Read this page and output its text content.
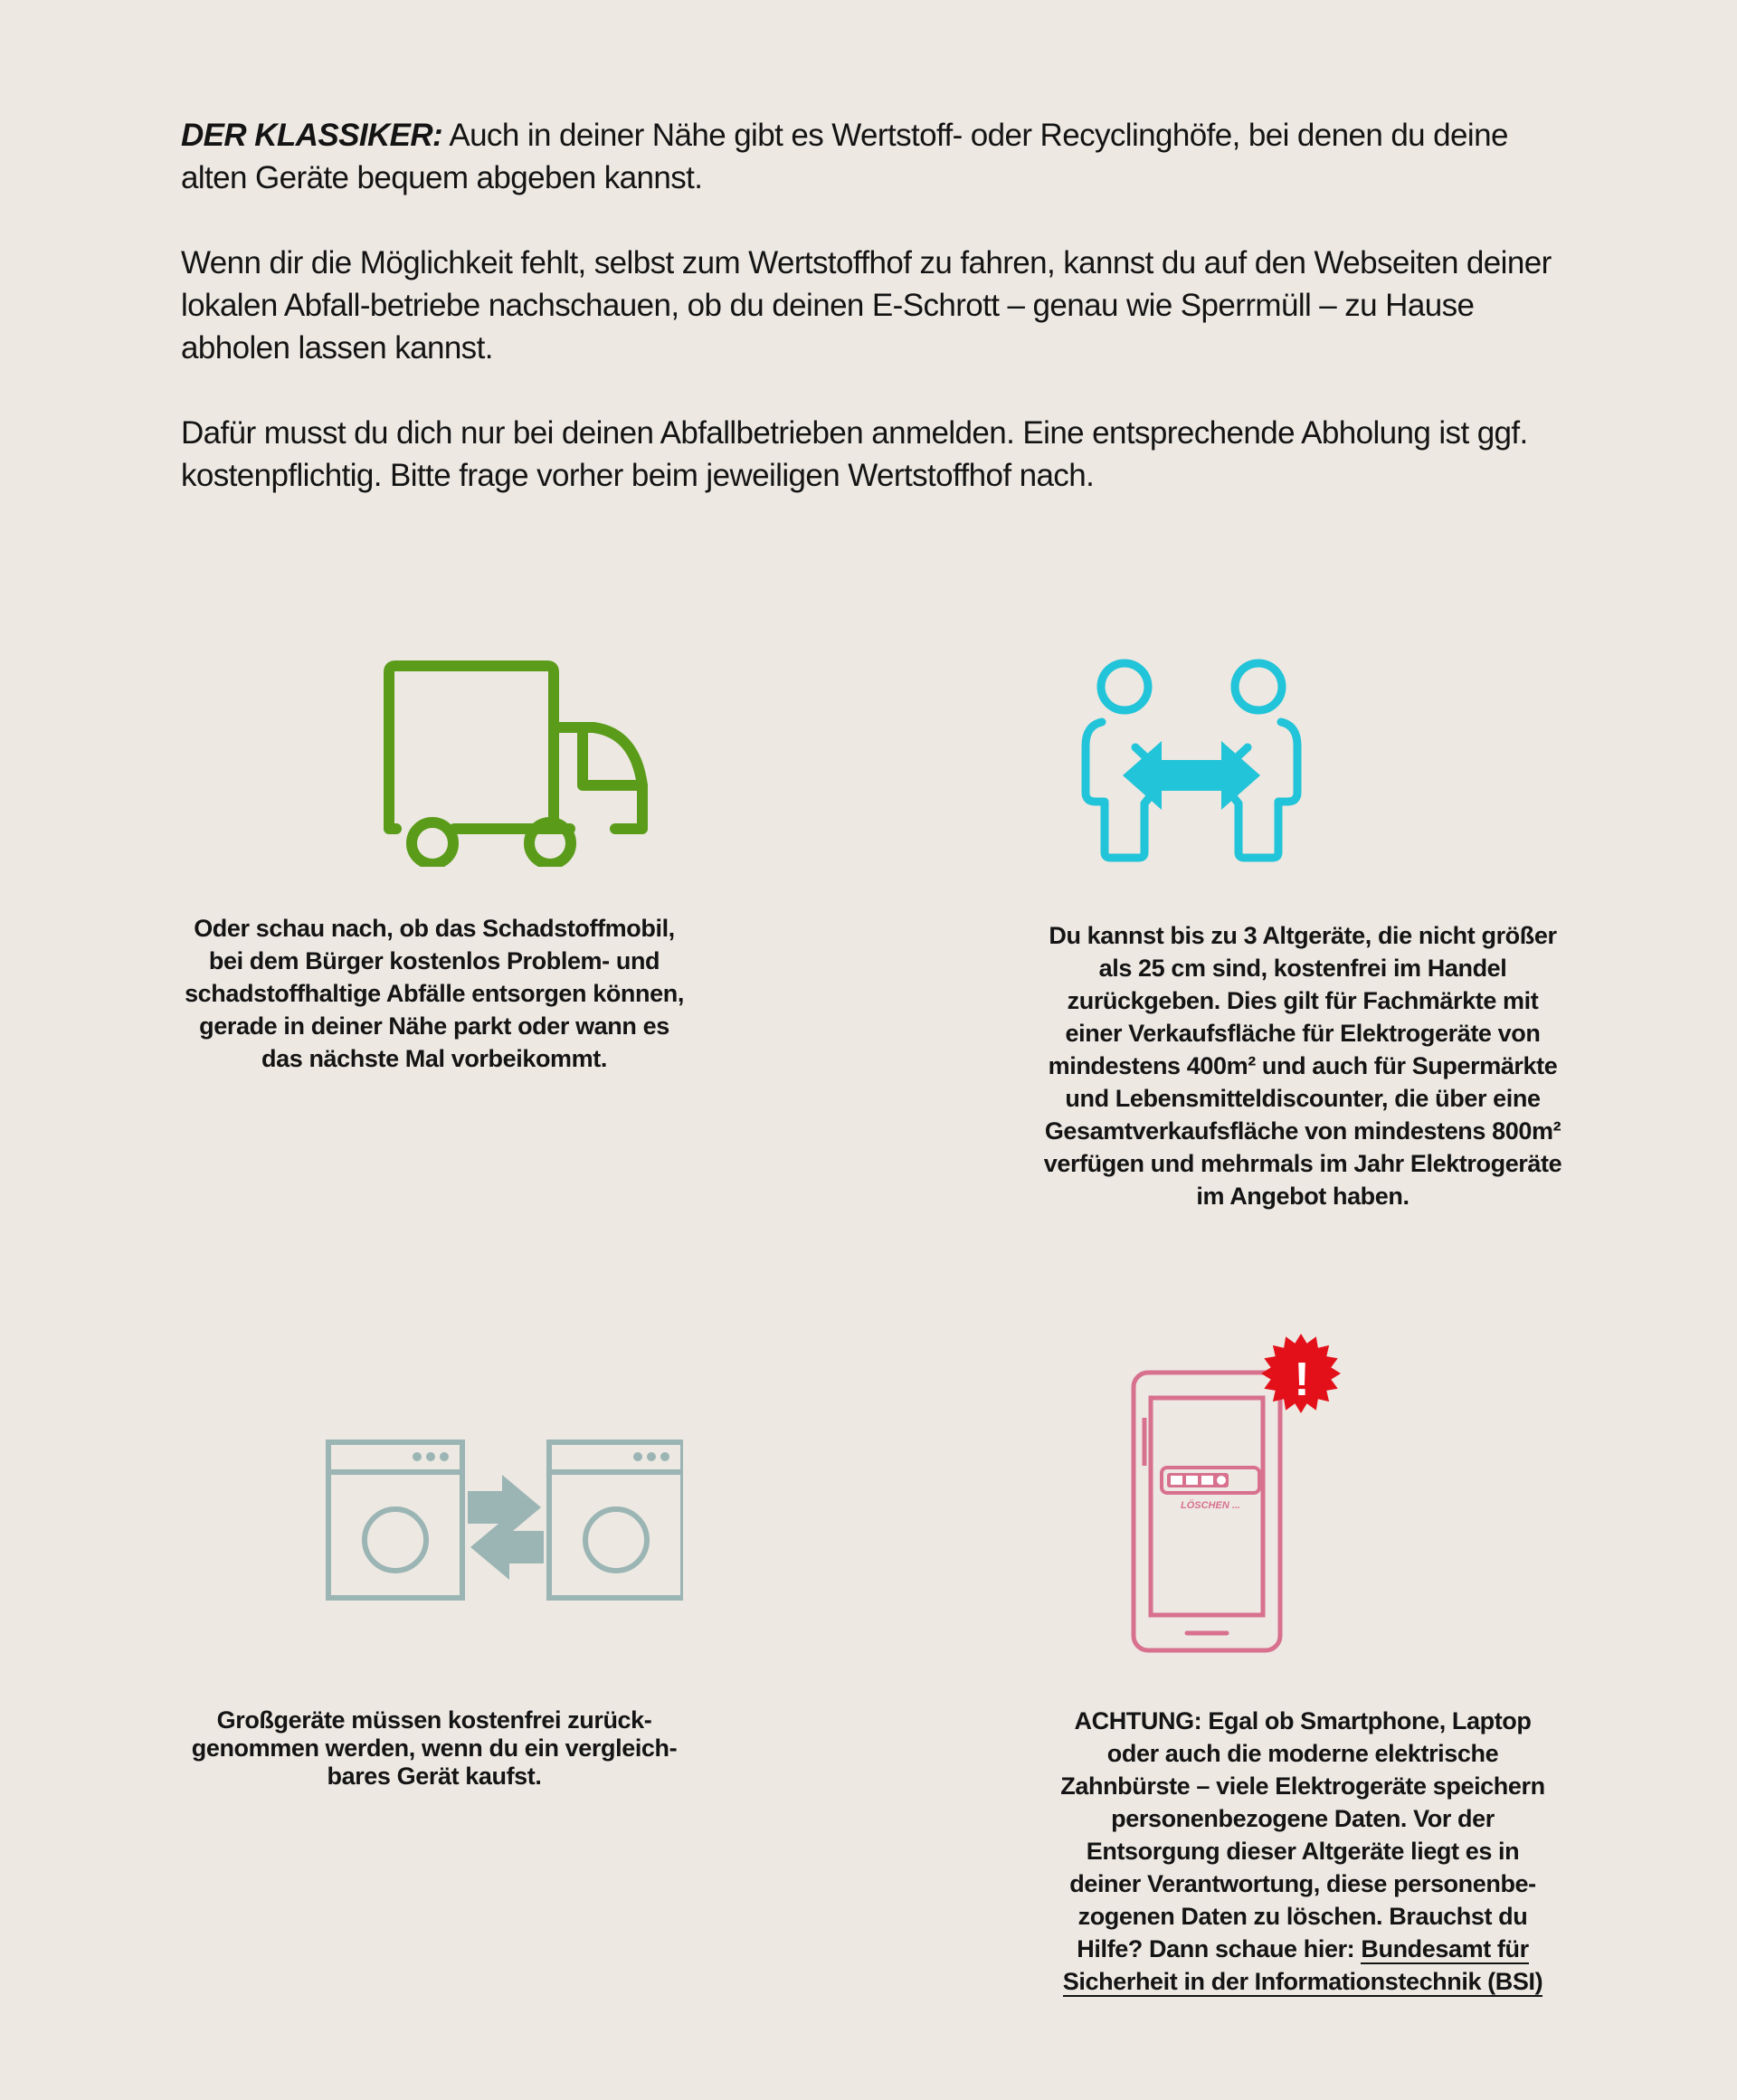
DER KLASSIKER: Auch in deiner Nähe gibt es Wertstoff- oder Recyclinghöfe, bei denen du deine alten Geräte bequem abgeben kannst.

Wenn dir die Möglichkeit fehlt, selbst zum Wertstoffhof zu fahren, kannst du auf den Webseiten deiner lokalen Abfall-betriebe nachschauen, ob du deinen E-Schrott – genau wie Sperrmüll – zu Hause abholen lassen kannst.

Dafür musst du dich nur bei deinen Abfallbetrieben anmelden. Eine entsprechende Abholung ist ggf. kostenpflichtig. Bitte frage vorher beim jeweiligen Wertstoffhof nach.

Oder schau nach, ob das Schadstoffmobil,
bei dem Bürger kostenlos Problem- und
schadstoffhaltige Abfälle entsorgen können,
gerade in deiner Nähe parkt oder wann es
das nächste Mal vorbeikommt.
Du kannst bis zu 3 Altgeräte, die nicht größer
als 25 cm sind, kostenfrei im Handel
zurückgeben. Dies gilt für Fachmärkte mit
einer Verkaufsfläche für Elektrogeräte von
mindestens 400m² und auch für Supermärkte
und Lebensmitteldiscounter, die über eine
Gesamtverkaufsfläche von mindestens 800m²
verfügen und mehrmals im Jahr Elektrogeräte
im Angebot haben.
Großgeräte müssen kostenfrei zurück-
genommen werden, wenn du ein vergleich-
bares Gerät kaufst.
LÖSCHEN ...
!
ACHTUNG: Egal ob Smartphone, Laptop
oder auch die moderne elektrische
Zahnbürste – viele Elektrogeräte speichern
personenbezogene Daten. Vor der
Entsorgung dieser Altgeräte liegt es in
deiner Verantwortung, diese personenbe-
zogenen Daten zu löschen. Brauchst du
Hilfe? Dann schaue hier: Bundesamt für
Sicherheit in der Informationstechnik (BSI)
